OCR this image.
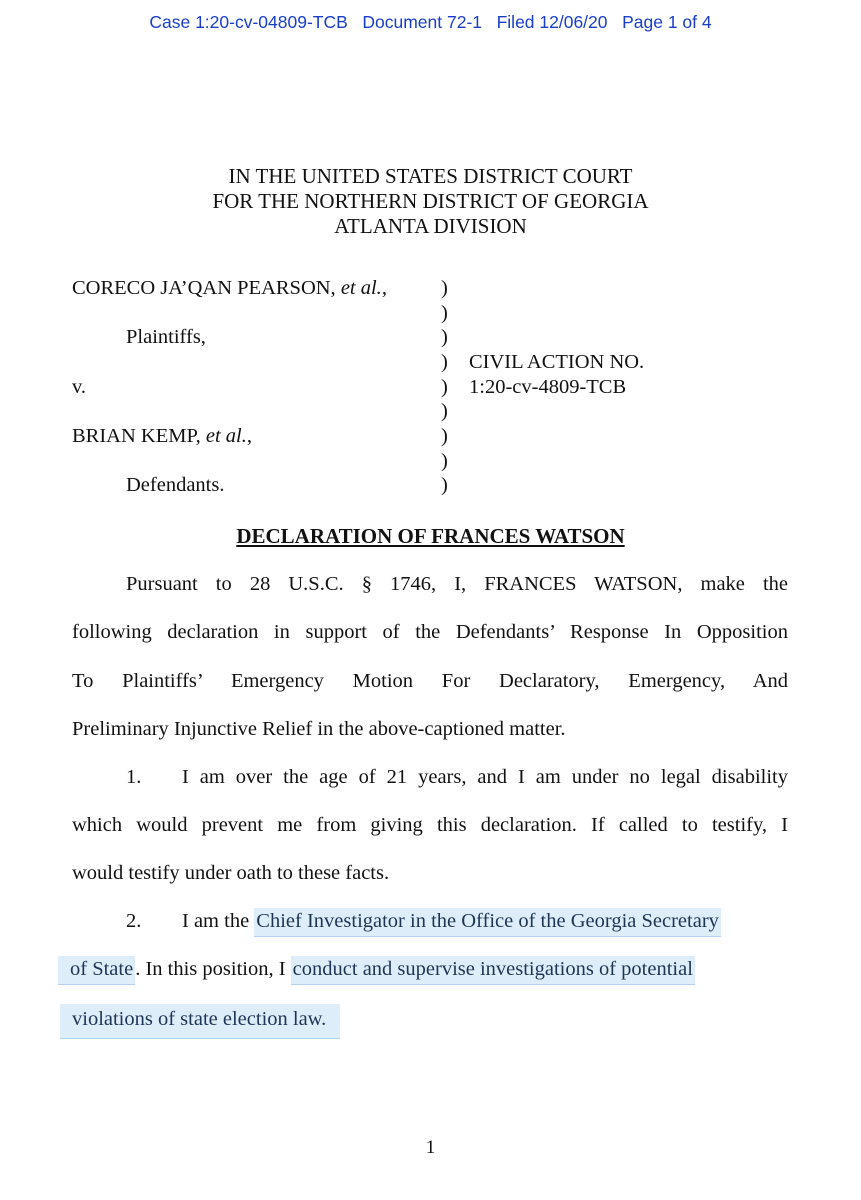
Case 1:20-cv-04809-TCB   Document 72-1   Filed 12/06/20   Page 1 of 4
IN THE UNITED STATES DISTRICT COURT
FOR THE NORTHERN DISTRICT OF GEORGIA
ATLANTA DIVISION
CORECO JA’QAN PEARSON, et al.,
Plaintiffs,
v.
BRIAN KEMP, et al.,
Defendants.
)
)
)
)
)
)
)
)
)
CIVIL ACTION NO.
1:20-cv-4809-TCB
DECLARATION OF FRANCES WATSON
Pursuant to 28 U.S.C. § 1746, I, FRANCES WATSON, make the
following declaration in support of the Defendants’ Response In Opposition
To Plaintiffs’ Emergency Motion For Declaratory, Emergency, And
Preliminary Injunctive Relief in the above-captioned matter.
1. I am over the age of 21 years, and I am under no legal disability
which would prevent me from giving this declaration. If called to testify, I
would testify under oath to these facts.
2. I am the Chief Investigator in the Office of the Georgia Secretary
of State. In this position, I conduct and supervise investigations of potential
violations of state election law.
1
